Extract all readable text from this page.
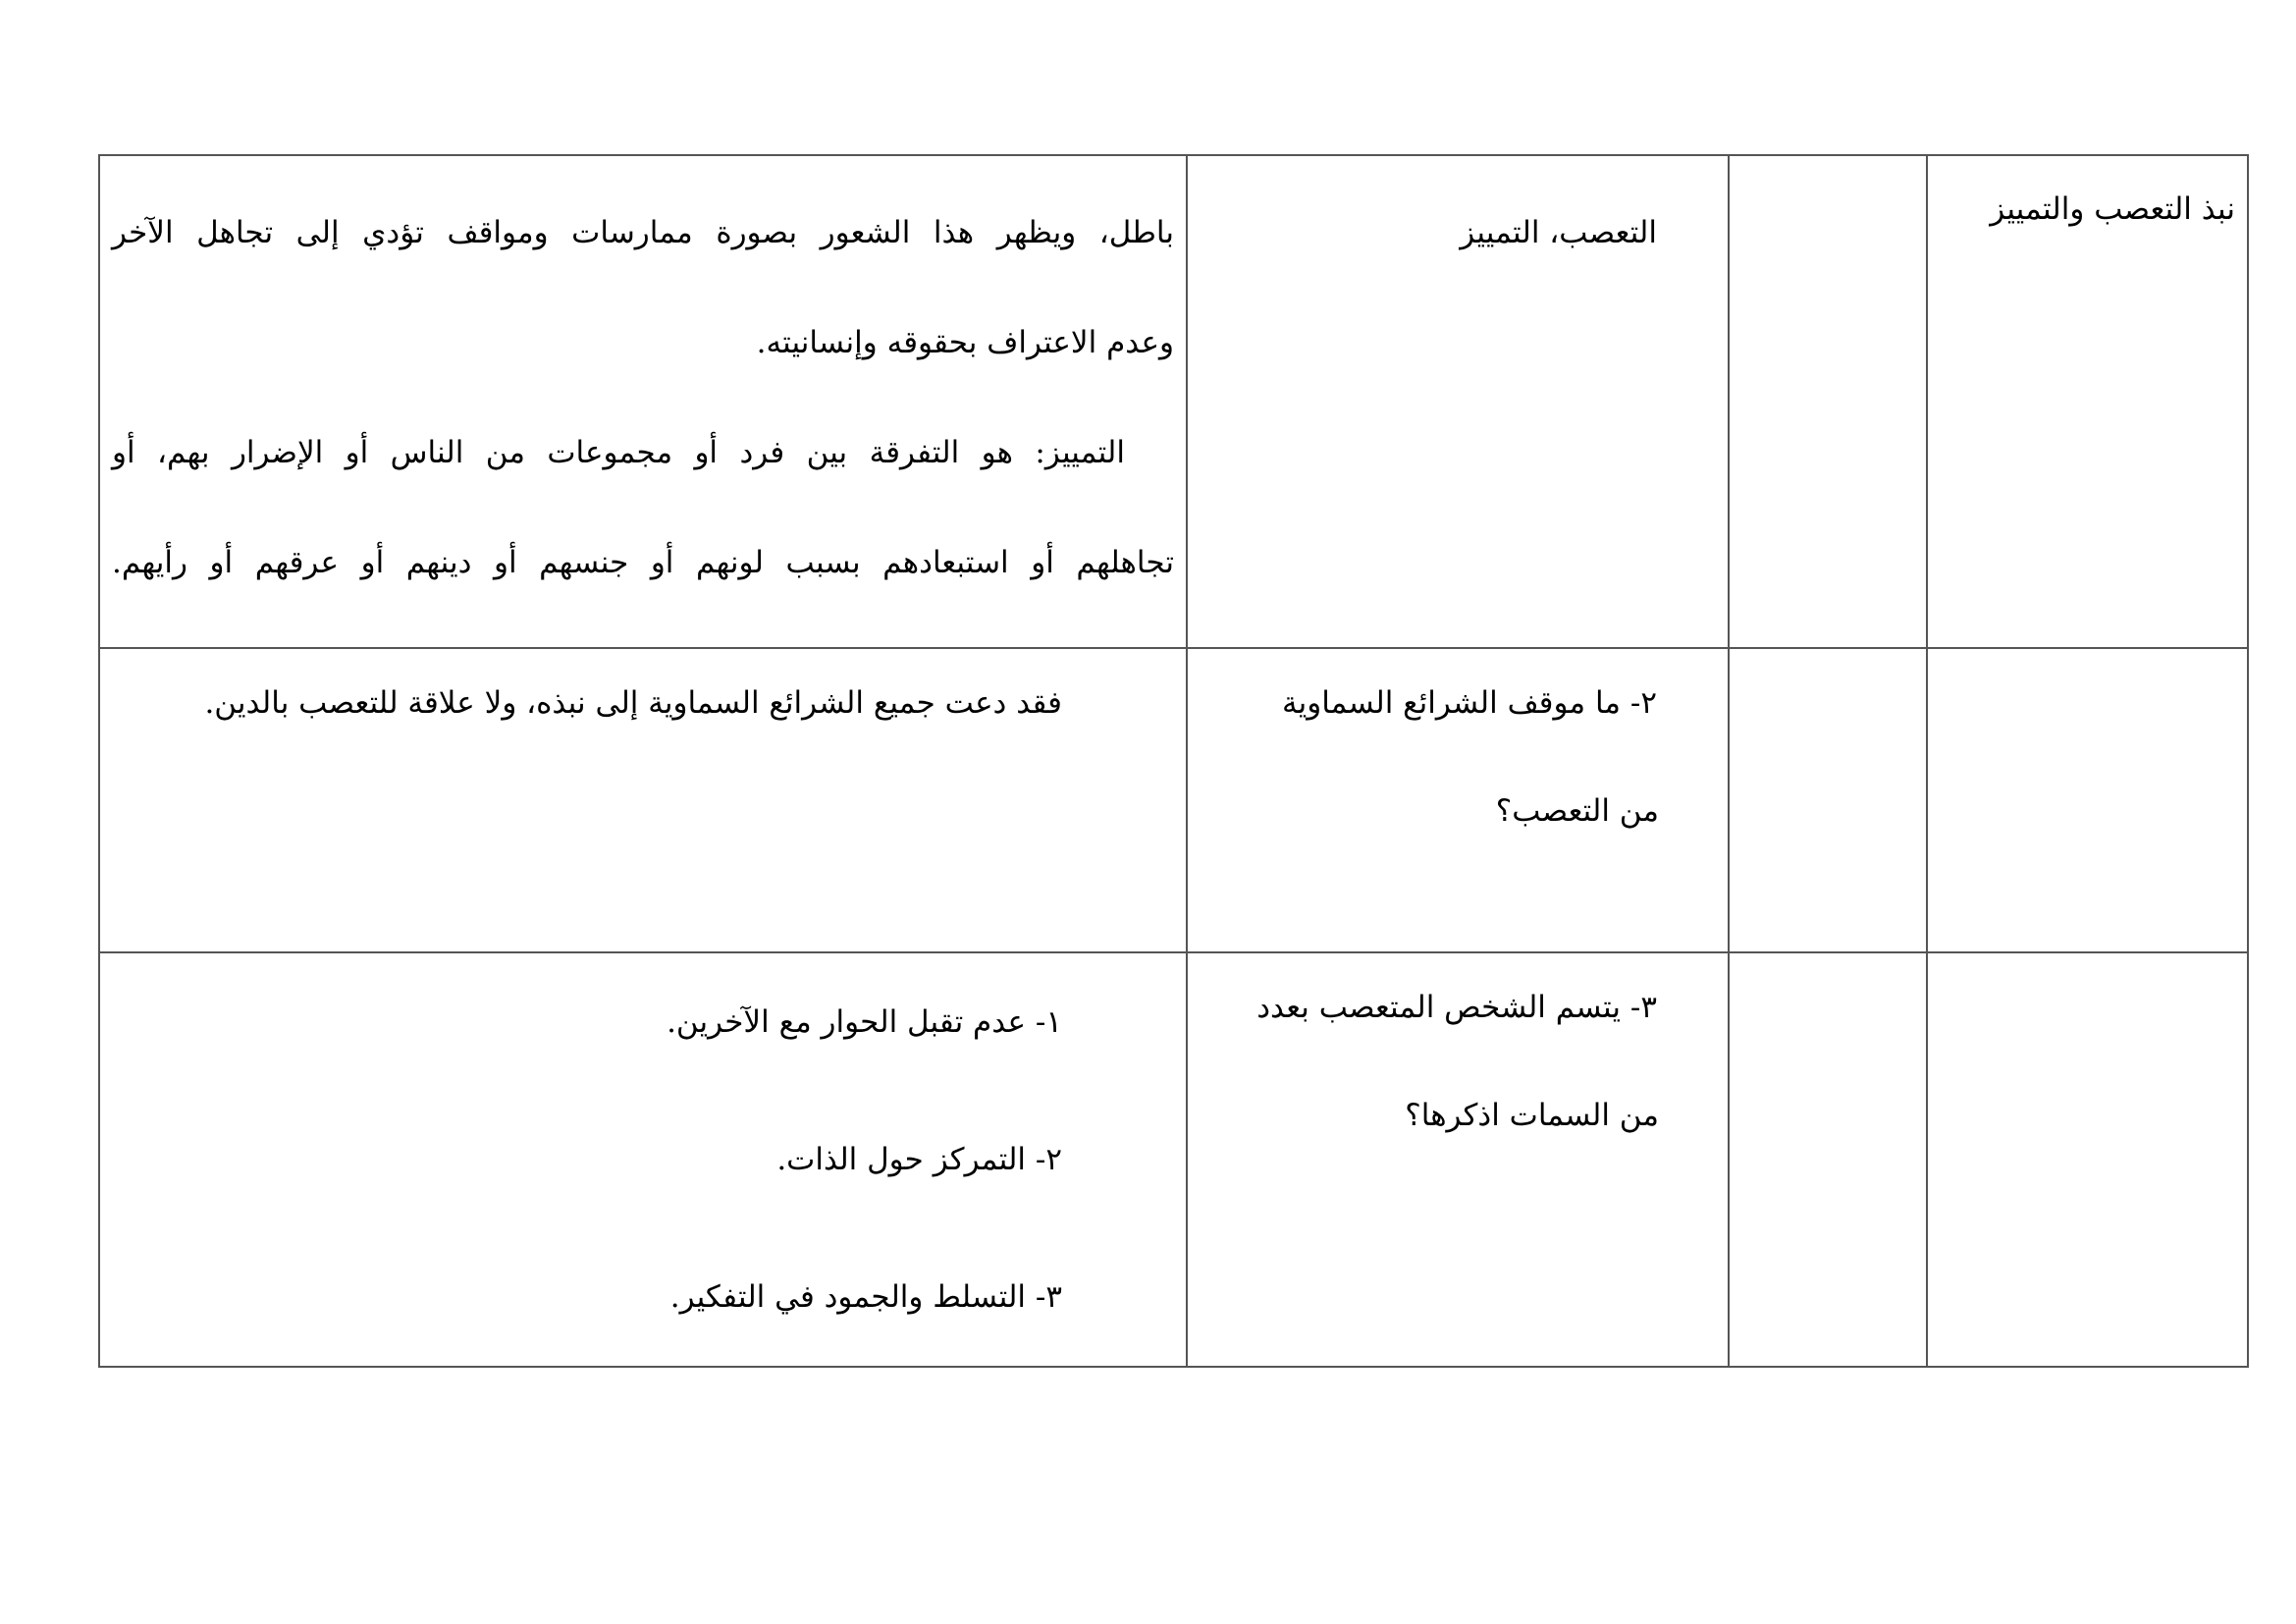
نبذ التعصب والتمييز		التعصب، التمييز	باطل، ويظهر هذا الشعور بصورة ممارسات ومواقف تؤدي إلى تجاهل الآخر
وعدم الاعتراف بحقوقه وإنسانيته.
التمييز: هو التفرقة بين فرد أو مجموعات من الناس أو الإضرار بهم، أو
تجاهلهم أو استبعادهم بسبب لونهم أو جنسهم أو دينهم أو عرقهم أو رأيهم.

		٢- ما موقف الشرائع السماوية
من التعصب؟	فقد دعت جميع الشرائع السماوية إلى نبذه، ولا علاقة للتعصب بالدين.

		٣- يتسم الشخص المتعصب بعدد
من السمات اذكرها؟	١- عدم تقبل الحوار مع الآخرين.
٢- التمركز حول الذات.
٣- التسلط والجمود في التفكير.
